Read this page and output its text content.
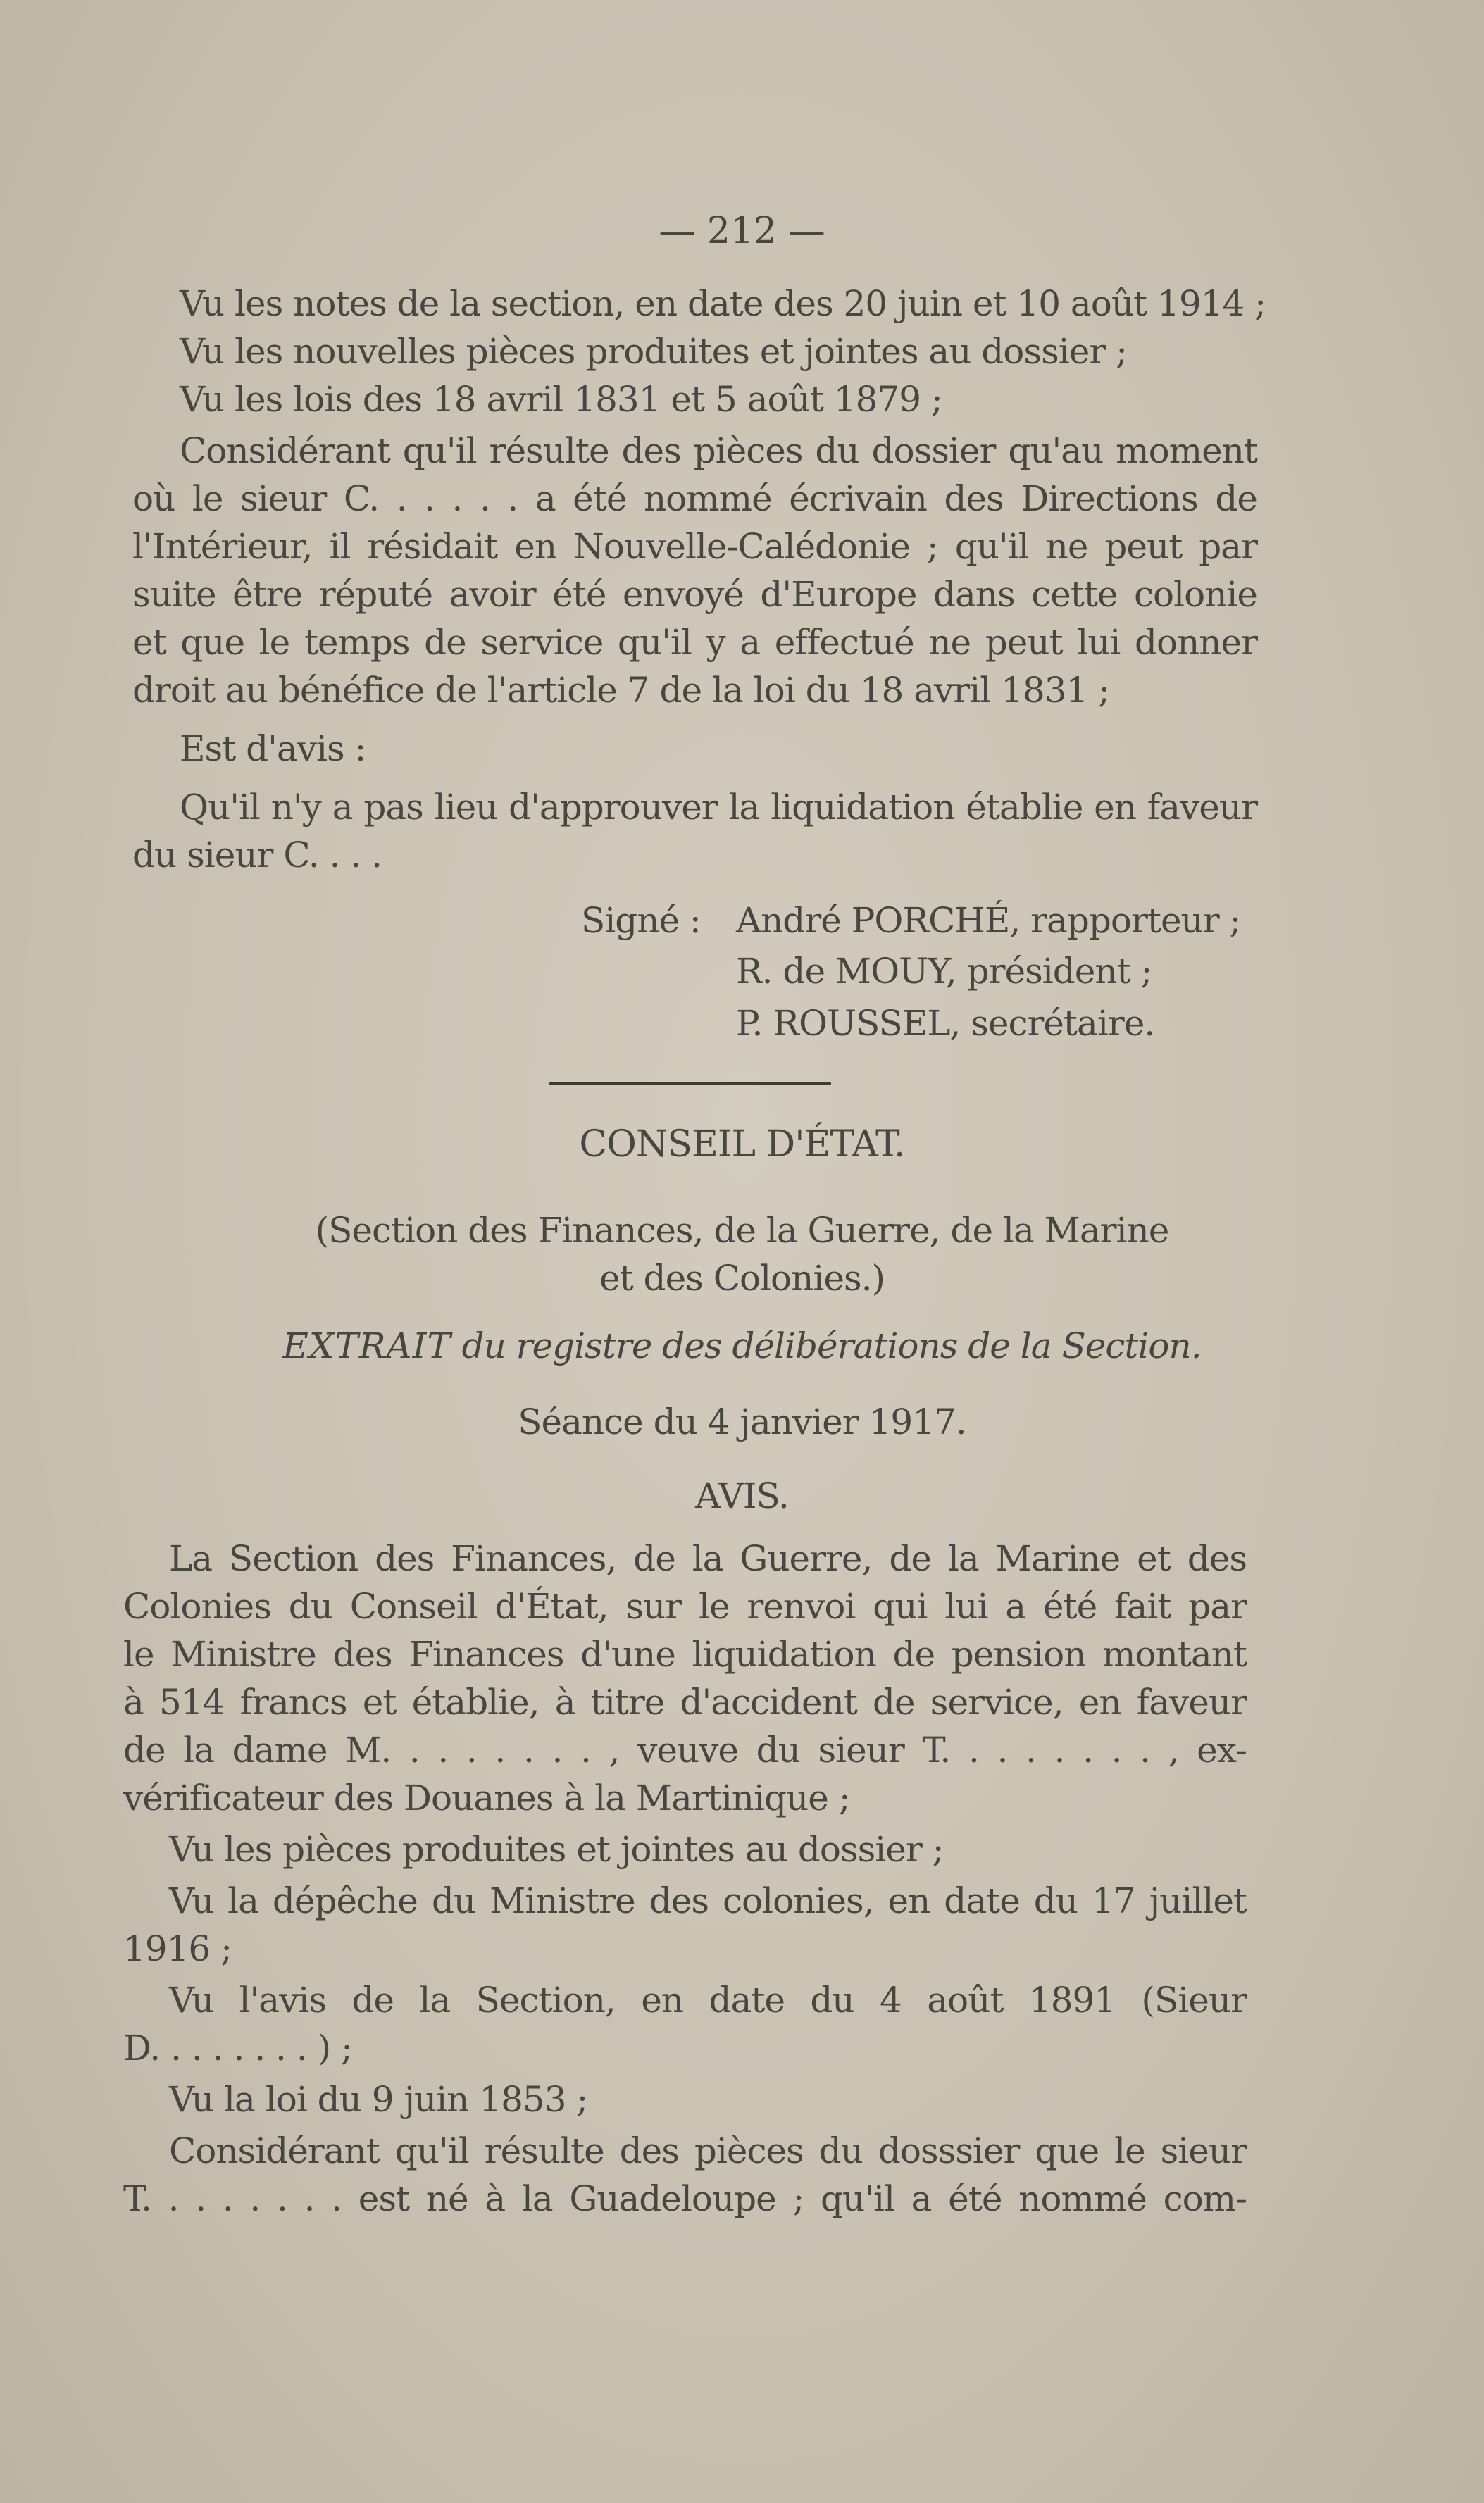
— 212 —
Vu les notes de la section, en date des 20 juin et 10 août 1914 ;
Vu les nouvelles pièces produites et jointes au dossier ;
Vu les lois des 18 avril 1831 et 5 août 1879 ;
Considérant qu'il résulte des pièces du dossier qu'au moment
où le sieur C. . . . . . a été nommé écrivain des Directions de
l'Intérieur, il résidait en Nouvelle-Calédonie ; qu'il ne peut par
suite être réputé avoir été envoyé d'Europe dans cette colonie
et que le temps de service qu'il y a effectué ne peut lui donner
droit au bénéfice de l'article 7 de la loi du 18 avril 1831 ;
Est d'avis :
Qu'il n'y a pas lieu d'approuver la liquidation établie en faveur
du sieur C. . . .
Signé : André PORCHÉ, rapporteur ;
R. de MOUY, président ;
P. ROUSSEL, secrétaire.
CONSEIL D'ÉTAT.
(Section des Finances, de la Guerre, de la Marine
et des Colonies.)
EXTRAIT du registre des délibérations de la Section.
Séance du 4 janvier 1917.
AVIS.
La Section des Finances, de la Guerre, de la Marine et des
Colonies du Conseil d'État, sur le renvoi qui lui a été fait par
le Ministre des Finances d'une liquidation de pension montant
à 514 francs et établie, à titre d'accident de service, en faveur
de la dame M. . . . . . . . , veuve du sieur T. . . . . . . . , ex-
vérificateur des Douanes à la Martinique ;
Vu les pièces produites et jointes au dossier ;
Vu la dépêche du Ministre des colonies, en date du 17 juillet
1916 ;
Vu l'avis de la Section, en date du 4 août 1891 (Sieur
D. . . . . . . . ) ;
Vu la loi du 9 juin 1853 ;
Considérant qu'il résulte des pièces du dosssier que le sieur
T. . . . . . . . est né à la Guadeloupe ; qu'il a été nommé com-
